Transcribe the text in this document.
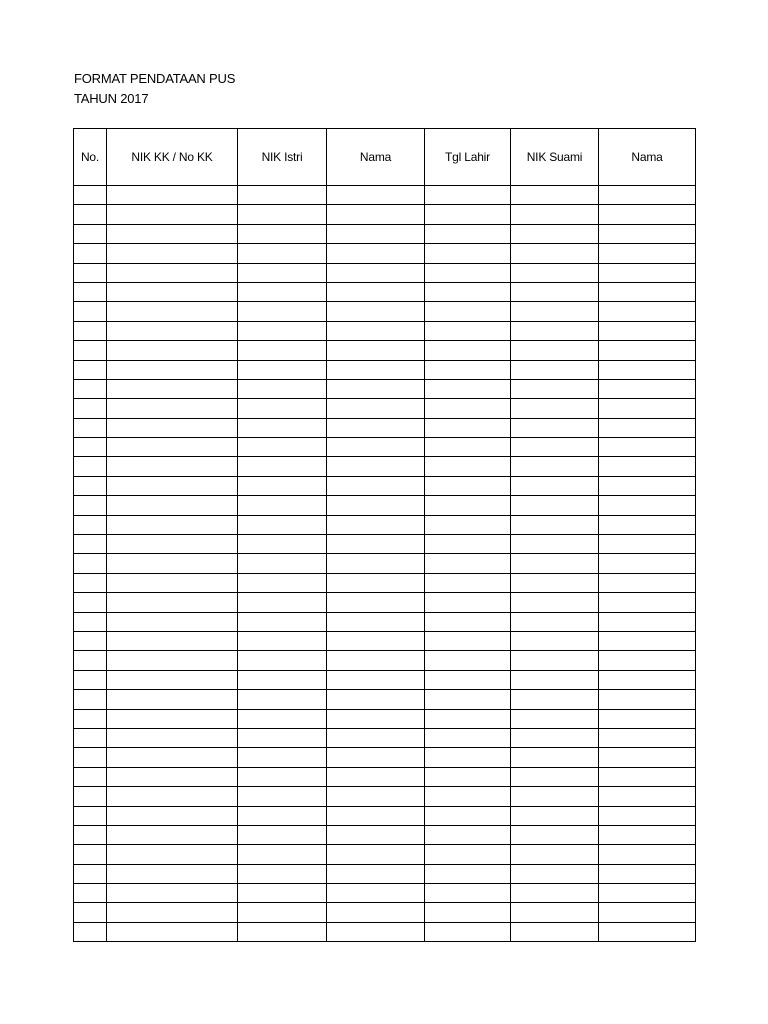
FORMAT PENDATAAN PUS
TAHUN 2017
No.	NIK KK / No KK	NIK Istri	Nama	Tgl Lahir	NIK Suami	Nama
